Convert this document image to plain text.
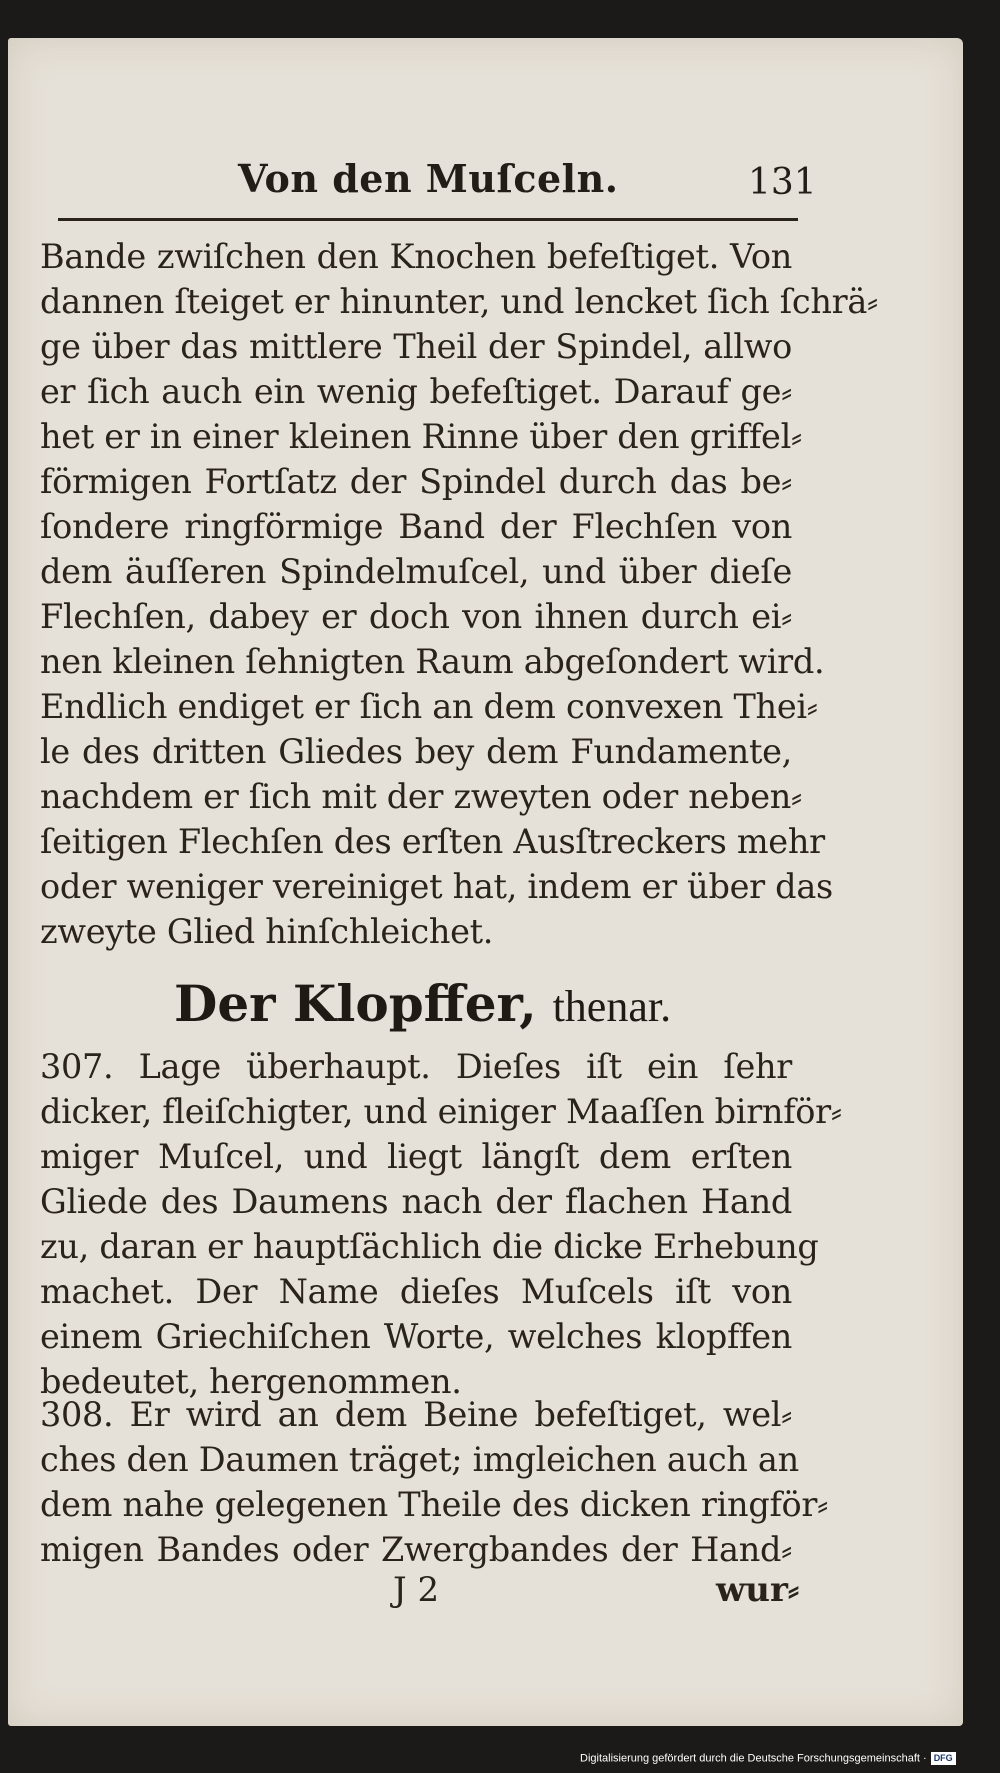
Von den Muſceln.	131
Bande zwiſchen den Knochen befeſtiget. Von
dannen ſteiget er hinunter, und lencket ſich ſchrä⸗
ge über das mittlere Theil der Spindel, allwo
er ſich auch ein wenig befeſtiget. Darauf ge⸗
het er in einer kleinen Rinne über den griffel⸗
förmigen Fortſatz der Spindel durch das be⸗
ſondere ringförmige Band der Flechſen von
dem äuſſeren Spindelmuſcel, und über dieſe
Flechſen, dabey er doch von ihnen durch ei⸗
nen kleinen ſehnigten Raum abgeſondert wird.
Endlich endiget er ſich an dem convexen Thei⸗
le des dritten Gliedes bey dem Fundamente,
nachdem er ſich mit der zweyten oder neben⸗
ſeitigen Flechſen des erſten Ausſtreckers mehr
oder weniger vereiniget hat, indem er über das
zweyte Glied hinſchleichet.
Der Klopffer, thenar.
307. Lage überhaupt. Dieſes iſt ein ſehr
dicker, fleiſchigter, und einiger Maaſſen birnför⸗
miger Muſcel, und liegt längſt dem erſten
Gliede des Daumens nach der flachen Hand
zu, daran er hauptſächlich die dicke Erhebung
machet. Der Name dieſes Muſcels iſt von
einem Griechiſchen Worte, welches klopffen
bedeutet, hergenommen.
308. Er wird an dem Beine befeſtiget, wel⸗
ches den Daumen träget; imgleichen auch an
dem nahe gelegenen Theile des dicken ringför⸗
migen Bandes oder Zwergbandes der Hand⸗
J 2	wur⸗
Digitalisierung gefördert durch die Deutsche Forschungsgemeinschaft · DFG
